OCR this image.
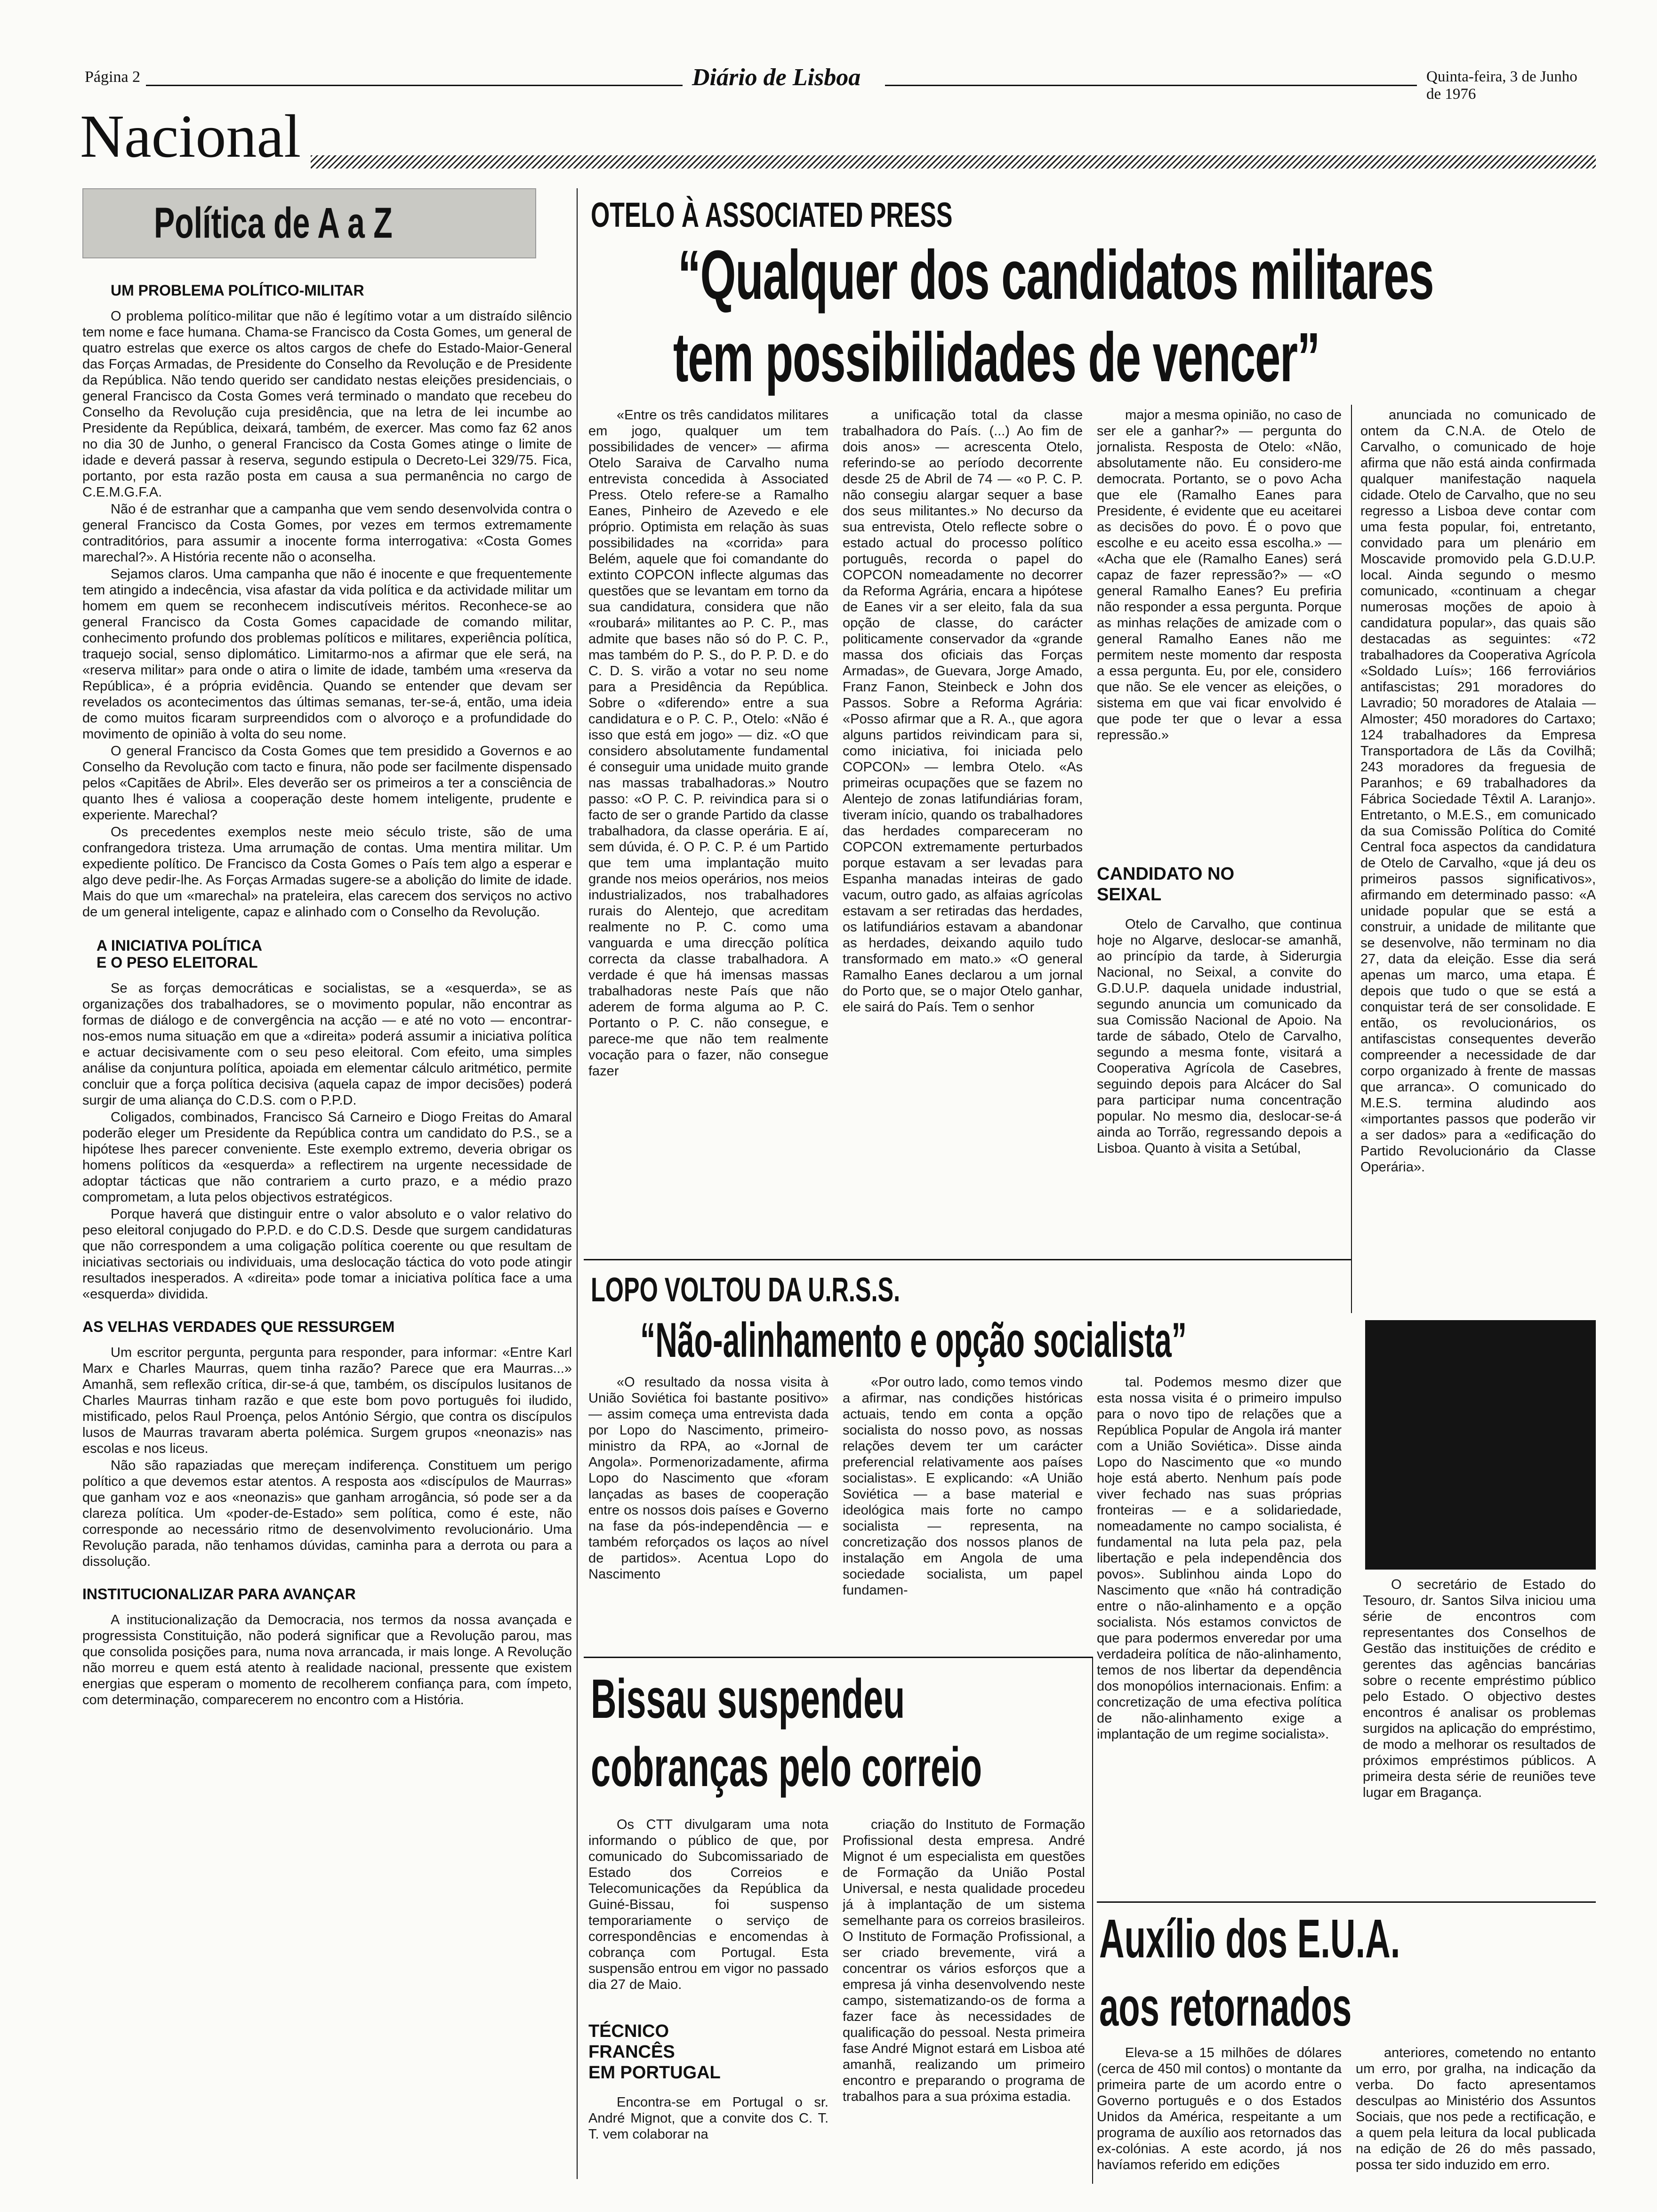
Página 2	Diário de Lisboa	Quinta-feira, 3 de Junho de 1976
Nacional
Política de A a Z
UM PROBLEMA POLÍTICO-MILITAR

O problema político-militar que não é legítimo votar a um distraído silêncio tem nome e face humana. Chama-se Francisco da Costa Gomes, um general de quatro estrelas que exerce os altos cargos de chefe do Estado-Maior-General das Forças Armadas, de Presidente do Conselho da Revolução e de Presidente da República. Não tendo querido ser candidato nestas eleições presidenciais, o general Francisco da Costa Gomes verá terminado o mandato que recebeu do Conselho da Revolução cuja presidência, que na letra de lei incumbe ao Presidente da República, deixará, também, de exercer. Mas como faz 62 anos no dia 30 de Junho, o general Francisco da Costa Gomes atinge o limite de idade e deverá passar à reserva, segundo estipula o Decreto-Lei 329/75. Fica, portanto, por esta razão posta em causa a sua permanência no cargo de C.E.M.G.F.A.

Não é de estranhar que a campanha que vem sendo desenvolvida contra o general Francisco da Costa Gomes, por vezes em termos extremamente contraditórios, para assumir a inocente forma interrogativa: «Costa Gomes marechal?». A História recente não o aconselha.

Sejamos claros. Uma campanha que não é inocente e que frequentemente tem atingido a indecência, visa afastar da vida política e da actividade militar um homem em quem se reconhecem indiscutíveis méritos. Reconhece-se ao general Francisco da Costa Gomes capacidade de comando militar, conhecimento profundo dos problemas políticos e militares, experiência política, traquejo social, senso diplomático. Limitarmo-nos a afirmar que ele será, na «reserva militar» para onde o atira o limite de idade, também uma «reserva da República», é a própria evidência. Quando se entender que devam ser revelados os acontecimentos das últimas semanas, ter-se-á, então, uma ideia de como muitos ficaram surpreendidos com o alvoroço e a profundidade do movimento de opinião à volta do seu nome.

O general Francisco da Costa Gomes que tem presidido a Governos e ao Conselho da Revolução com tacto e finura, não pode ser facilmente dispensado pelos «Capitães de Abril». Eles deverão ser os primeiros a ter a consciência de quanto lhes é valiosa a cooperação deste homem inteligente, prudente e experiente. Marechal?

Os precedentes exemplos neste meio século triste, são de uma confrangedora tristeza. Uma arrumação de contas. Uma mentira militar. Um expediente político. De Francisco da Costa Gomes o País tem algo a esperar e algo deve pedir-lhe. As Forças Armadas sugere-se a abolição do limite de idade. Mais do que um «marechal» na prateleira, elas carecem dos serviços no activo de um general inteligente, capaz e alinhado com o Conselho da Revolução.

A INICIATIVA POLÍTICA
E O PESO ELEITORAL

Se as forças democráticas e socialistas, se a «esquerda», se as organizações dos trabalhadores, se o movimento popular, não encontrar as formas de diálogo e de convergência na acção — e até no voto — encontrar-nos-emos numa situação em que a «direita» poderá assumir a iniciativa política e actuar decisivamente com o seu peso eleitoral. Com efeito, uma simples análise da conjuntura política, apoiada em elementar cálculo aritmético, permite concluir que a força política decisiva (aquela capaz de impor decisões) poderá surgir de uma aliança do C.D.S. com o P.P.D.

Coligados, combinados, Francisco Sá Carneiro e Diogo Freitas do Amaral poderão eleger um Presidente da República contra um candidato do P.S., se a hipótese lhes parecer conveniente. Este exemplo extremo, deveria obrigar os homens políticos da «esquerda» a reflectirem na urgente necessidade de adoptar tácticas que não contrariem a curto prazo, e a médio prazo comprometam, a luta pelos objectivos estratégicos.

Porque haverá que distinguir entre o valor absoluto e o valor relativo do peso eleitoral conjugado do P.P.D. e do C.D.S. Desde que surgem candidaturas que não correspondem a uma coligação política coerente ou que resultam de iniciativas sectoriais ou individuais, uma deslocação táctica do voto pode atingir resultados inesperados. A «direita» pode tomar a iniciativa política face a uma «esquerda» dividida.

AS VELHAS VERDADES QUE RESSURGEM

Um escritor pergunta, pergunta para responder, para informar: «Entre Karl Marx e Charles Maurras, quem tinha razão? Parece que era Maurras...» Amanhã, sem reflexão crítica, dir-se-á que, também, os discípulos lusitanos de Charles Maurras tinham razão e que este bom povo português foi iludido, mistificado, pelos Raul Proença, pelos António Sérgio, que contra os discípulos lusos de Maurras travaram aberta polémica. Surgem grupos «neonazis» nas escolas e nos liceus.

Não são rapaziadas que mereçam indiferença. Constituem um perigo político a que devemos estar atentos. A resposta aos «discípulos de Maurras» que ganham voz e aos «neonazis» que ganham arrogância, só pode ser a da clareza política. Um «poder-de-Estado» sem política, como é este, não corresponde ao necessário ritmo de desenvolvimento revolucionário. Uma Revolução parada, não tenhamos dúvidas, caminha para a derrota ou para a dissolução.

INSTITUCIONALIZAR PARA AVANÇAR

A institucionalização da Democracia, nos termos da nossa avançada e progressista Constituição, não poderá significar que a Revolução parou, mas que consolida posições para, numa nova arrancada, ir mais longe. A Revolução não morreu e quem está atento à realidade nacional, pressente que existem energias que esperam o momento de recolherem confiança para, com ímpeto, com determinação, comparecerem no encontro com a História.

OTELO À ASSOCIATED PRESS
“Qualquer dos candidatos militares
tem possibilidades de vencer”

«Entre os três candidatos militares em jogo, qualquer um tem possibilidades de vencer» — afirma Otelo Saraiva de Carvalho numa entrevista concedida à Associated Press. Otelo refere-se a Ramalho Eanes, Pinheiro de Azevedo e ele próprio. Optimista em relação às suas possibilidades na «corrida» para Belém, aquele que foi comandante do extinto COPCON inflecte algumas das questões que se levantam em torno da sua candidatura, considera que não «roubará» militantes ao P. C. P., mas admite que bases não só do P. C. P., mas também do P. S., do P. P. D. e do C. D. S. virão a votar no seu nome para a Presidência da República. Sobre o «diferendo» entre a sua candidatura e o P. C. P., Otelo: «Não é isso que está em jogo» — diz. «O que considero absolutamente fundamental é conseguir uma unidade muito grande nas massas trabalhadoras.» Noutro passo: «O P. C. P. reivindica para si o facto de ser o grande Partido da classe trabalhadora, da classe operária. E aí, sem dúvida, é. O P. C. P. é um Partido que tem uma implantação muito grande nos meios operários, nos meios industrializados, nos trabalhadores rurais do Alentejo, que acreditam realmente no P. C. como uma vanguarda e uma direcção política correcta da classe trabalhadora. A verdade é que há imensas massas trabalhadoras neste País que não aderem de forma alguma ao P. C. Portanto o P. C. não consegue, e parece-me que não tem realmente vocação para o fazer, não consegue fazer

a unificação total da classe trabalhadora do País. (...) Ao fim de dois anos» — acrescenta Otelo, referindo-se ao período decorrente desde 25 de Abril de 74 — «o P. C. P. não consegiu alargar sequer a base dos seus militantes.» No decurso da sua entrevista, Otelo reflecte sobre o estado actual do processo político português, recorda o papel do COPCON nomeadamente no decorrer da Reforma Agrária, encara a hipótese de Eanes vir a ser eleito, fala da sua opção de classe, do carácter politicamente conservador da «grande massa dos oficiais das Forças Armadas», de Guevara, Jorge Amado, Franz Fanon, Steinbeck e John dos Passos. Sobre a Reforma Agrária: «Posso afirmar que a R. A., que agora alguns partidos reivindicam para si, como iniciativa, foi iniciada pelo COPCON» — lembra Otelo. «As primeiras ocupações que se fazem no Alentejo de zonas latifundiárias foram, tiveram início, quando os trabalhadores das herdades compareceram no COPCON extremamente perturbados porque estavam a ser levadas para Espanha manadas inteiras de gado vacum, outro gado, as alfaias agrícolas estavam a ser retiradas das herdades, os latifundiários estavam a abandonar as herdades, deixando aquilo tudo transformado em mato.» «O general Ramalho Eanes declarou a um jornal do Porto que, se o major Otelo ganhar, ele sairá do País. Tem o senhor

major a mesma opinião, no caso de ser ele a ganhar?» — pergunta do jornalista. Resposta de Otelo: «Não, absolutamente não. Eu considero-me democrata. Portanto, se o povo Acha que ele (Ramalho Eanes para Presidente, é evidente que eu aceitarei as decisões do povo. É o povo que escolhe e eu aceito essa escolha.» — «Acha que ele (Ramalho Eanes) será capaz de fazer repressão?» — «O general Ramalho Eanes? Eu prefiria não responder a essa pergunta. Porque as minhas relações de amizade com o general Ramalho Eanes não me permitem neste momento dar resposta a essa pergunta. Eu, por ele, considero que não. Se ele vencer as eleições, o sistema em que vai ficar envolvido é que pode ter que o levar a essa repressão.»

CANDIDATO NO SEIXAL

Otelo de Carvalho, que continua hoje no Algarve, deslocar-se amanhã, ao princípio da tarde, à Siderurgia Nacional, no Seixal, a convite do G.D.U.P. daquela unidade industrial, segundo anuncia um comunicado da sua Comissão Nacional de Apoio. Na tarde de sábado, Otelo de Carvalho, segundo a mesma fonte, visitará a Cooperativa Agrícola de Casebres, seguindo depois para Alcácer do Sal para participar numa concentração popular. No mesmo dia, deslocar-se-á ainda ao Torrão, regressando depois a Lisboa. Quanto à visita a Setúbal,

anunciada no comunicado de ontem da C.N.A. de Otelo de Carvalho, o comunicado de hoje afirma que não está ainda confirmada qualquer manifestação naquela cidade. Otelo de Carvalho, que no seu regresso a Lisboa deve contar com uma festa popular, foi, entretanto, convidado para um plenário em Moscavide promovido pela G.D.U.P. local. Ainda segundo o mesmo comunicado, «continuam a chegar numerosas moções de apoio à candidatura popular», das quais são destacadas as seguintes: «72 trabalhadores da Cooperativa Agrícola «Soldado Luís»; 166 ferroviários antifascistas; 291 moradores do Lavradio; 50 moradores de Atalaia — Almoster; 450 moradores do Cartaxo; 124 trabalhadores da Empresa Transportadora de Lãs da Covilhã; 243 moradores da freguesia de Paranhos; e 69 trabalhadores da Fábrica Sociedade Têxtil A. Laranjo». Entretanto, o M.E.S., em comunicado da sua Comissão Política do Comité Central foca aspectos da candidatura de Otelo de Carvalho, «que já deu os primeiros passos significativos», afirmando em determinado passo: «A unidade popular que se está a construir, a unidade de militante que se desenvolve, não terminam no dia 27, data da eleição. Esse dia será apenas um marco, uma etapa. É depois que tudo o que se está a conquistar terá de ser consolidade. E então, os revolucionários, os antifascistas consequentes deverão compreender a necessidade de dar corpo organizado à frente de massas que arranca». O comunicado do M.E.S. termina aludindo aos «importantes passos que poderão vir a ser dados» para a «edificação do Partido Revolucionário da Classe Operária».

LOPO VOLTOU DA U.R.S.S.
“Não-alinhamento e opção socialista”

«O resultado da nossa visita à União Soviética foi bastante positivo» — assim começa uma entrevista dada por Lopo do Nascimento, primeiro-ministro da RPA, ao «Jornal de Angola». Pormenorizadamente, afirma Lopo do Nascimento que «foram lançadas as bases de cooperação entre os nossos dois países e Governo na fase da pós-independência — e também reforçados os laços ao nível de partidos». Acentua Lopo do Nascimento

«Por outro lado, como temos vindo a afirmar, nas condições históricas actuais, tendo em conta a opção socialista do nosso povo, as nossas relações devem ter um carácter preferencial relativamente aos países socialistas». E explicando: «A União Soviética — a base material e ideológica mais forte no campo socialista — representa, na concretização dos nossos planos de instalação em Angola de uma sociedade socialista, um papel fundamen-

tal. Podemos mesmo dizer que esta nossa visita é o primeiro impulso para o novo tipo de relações que a República Popular de Angola irá manter com a União Soviética». Disse ainda Lopo do Nascimento que «o mundo hoje está aberto. Nenhum país pode viver fechado nas suas próprias fronteiras — e a solidariedade, nomeadamente no campo socialista, é fundamental na luta pela paz, pela libertação e pela independência dos povos». Sublinhou ainda Lopo do Nascimento que «não há contradição entre o não-alinhamento e a opção socialista. Nós estamos convictos de que para podermos enveredar por uma verdadeira política de não-alinhamento, temos de nos libertar da dependência dos monopólios internacionais. Enfim: a concretização de uma efectiva política de não-alinhamento exige a implantação de um regime socialista».

O secretário de Estado do Tesouro, dr. Santos Silva iniciou uma série de encontros com representantes dos Conselhos de Gestão das instituições de crédito e gerentes das agências bancárias sobre o recente empréstimo público pelo Estado. O objectivo destes encontros é analisar os problemas surgidos na aplicação do empréstimo, de modo a melhorar os resultados de próximos empréstimos públicos. A primeira desta série de reuniões teve lugar em Bragança.

Bissau suspendeu
cobranças pelo correio

Os CTT divulgaram uma nota informando o público de que, por comunicado do Subcomissariado de Estado dos Correios e Telecomunicações da República da Guiné-Bissau, foi suspenso temporariamente o serviço de correspondências e encomendas à cobrança com Portugal. Esta suspensão entrou em vigor no passado dia 27 de Maio.

TÉCNICO
FRANCÊS
EM PORTUGAL

Encontra-se em Portugal o sr. André Mignot, que a convite dos C. T. T. vem colaborar na

criação do Instituto de Formação Profissional desta empresa. André Mignot é um especialista em questões de Formação da União Postal Universal, e nesta qualidade procedeu já à implantação de um sistema semelhante para os correios brasileiros. O Instituto de Formação Profissional, a ser criado brevemente, virá a concentrar os vários esforços que a empresa já vinha desenvolvendo neste campo, sistematizando-os de forma a fazer face às necessidades de qualificação do pessoal. Nesta primeira fase André Mignot estará em Lisboa até amanhã, realizando um primeiro encontro e preparando o programa de trabalhos para a sua próxima estadia.

Auxílio dos E.U.A.
aos retornados

Eleva-se a 15 milhões de dólares (cerca de 450 mil contos) o montante da primeira parte de um acordo entre o Governo português e o dos Estados Unidos da América, respeitante a um programa de auxílio aos retornados das ex-colónias. A este acordo, já nos havíamos referido em edições

anteriores, cometendo no entanto um erro, por gralha, na indicação da verba. Do facto apresentamos desculpas ao Ministério dos Assuntos Sociais, que nos pede a rectificação, e a quem pela leitura da local publicada na edição de 26 do mês passado, possa ter sido induzido em erro.
